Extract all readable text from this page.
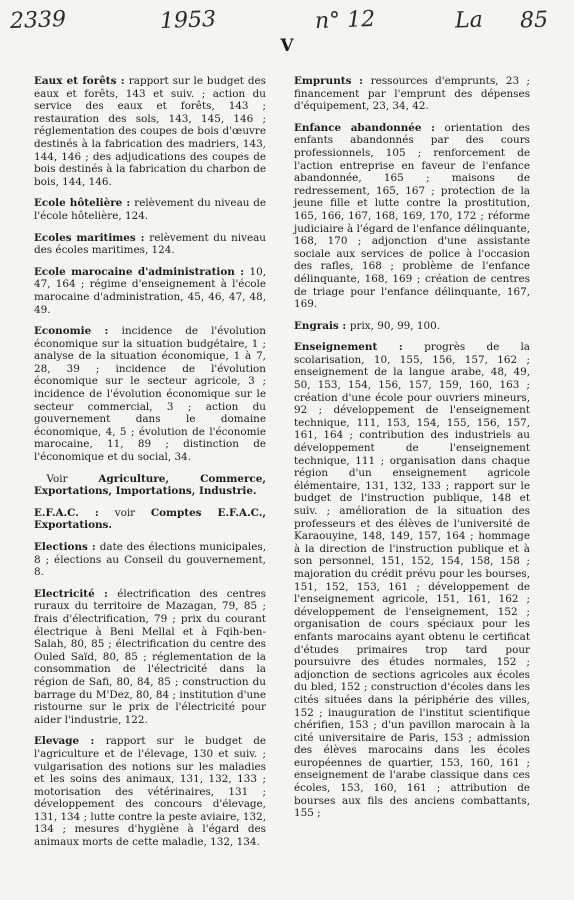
2339	1953	n° 12	La 85
V

Eaux et forêts : rapport sur le budget des eaux et forêts, 143 et suiv. ; action du service des eaux et forêts, 143 ; restauration des sols, 143, 145, 146 ; réglementation des coupes de bois d'œuvre destinés à la fabrication des madriers, 143, 144, 146 ; des adjudications des coupes de bois destinés à la fabrication du charbon de bois, 144, 146.

Ecole hôtelière : relèvement du niveau de l'école hôtelière, 124.

Ecoles maritimes : relèvement du niveau des écoles maritimes, 124.

Ecole marocaine d'administration : 10, 47, 164 ; régime d'enseignement à l'école marocaine d'administration, 45, 46, 47, 48, 49.

Economie : incidence de l'évolution économique sur la situation budgétaire, 1 ; analyse de la situation économique, 1 à 7, 28, 39 ; incidence de l'évolution économique sur le secteur agricole, 3 ; incidence de l'évolution économique sur le secteur commercial, 3 ; action du gouvernement dans le domaine économique, 4, 5 ; évolution de l'économie marocaine, 11, 89 ; distinction de l'économique et du social, 34.

Voir	Agriculture, Commerce, Exportations, Importations, Industrie.

E.F.A.C. : voir Comptes E.F.A.C., Exportations.

Elections : date des élections municipales, 8 ; élections au Conseil du gouvernement, 8.

Electricité : électrification des centres ruraux du territoire de Mazagan, 79, 85 ; frais d'électrification, 79 ; prix du courant électrique à Beni Mellal et à Fqih-ben-Salah, 80, 85 ; électrification du centre des Ouled Saïd, 80, 85 ; réglementation de la consommation de l'électricité dans la région de Safi, 80, 84, 85 ; construction du barrage du M'Dez, 80, 84 ; institution d'une ristourne sur le prix de l'électricité pour aider l'industrie, 122.

Elevage : rapport sur le budget de l'agriculture et de l'élevage, 130 et suiv. ; vulgarisation des notions sur les maladies et les soins des animaux, 131, 132, 133 ; motorisation des vétérinaires, 131 ; développement des concours d'élevage, 131, 134 ; lutte contre la peste aviaire, 132, 134 ; mesures d'hygiène à l'égard des animaux morts de cette maladie, 132, 134.

Emprunts : ressources d'emprunts, 23 ; financement par l'emprunt des dépenses d'équipement, 23, 34, 42.

Enfance abandonnée : orientation des enfants abandonnés par des cours professionnels, 105 ; renforcement de l'action entreprise en faveur de l'enfance abandonnée, 165 ; maisons de redressement, 165, 167 ; protection de la jeune fille et lutte contre la prostitution, 165, 166, 167, 168, 169, 170, 172 ; réforme judiciaire à l'égard de l'enfance délinquante, 168, 170 ; adjonction d'une assistante sociale aux services de police à l'occasion des rafles, 168 ; problème de l'enfance délinquante, 168, 169 ; création de centres de triage pour l'enfance délinquante, 167, 169.

Engrais : prix, 90, 99, 100.

Enseignement : progrès de la scolarisation, 10, 155, 156, 157, 162 ; enseignement de la langue arabe, 48, 49, 50, 153, 154, 156, 157, 159, 160, 163 ; création d'une école pour ouvriers mineurs, 92 ; développement de l'enseignement technique, 111, 153, 154, 155, 156, 157, 161, 164 ; contribution des industriels au développement de l'enseignement technique, 111 ; organisation dans chaque région d'un enseignement agricole élémentaire, 131, 132, 133 ; rapport sur le budget de l'instruction publique, 148 et suiv. ; amélioration de la situation des professeurs et des élèves de l'université de Karaouyine, 148, 149, 157, 164 ; hommage à la direction de l'instruction publique et à son personnel, 151, 152, 154, 158, 158 ; majoration du crédit prévu pour les bourses, 151, 152, 153, 161 ; développement de l'enseignement agricole, 151, 161, 162 ; développement de l'enseignement, 152 ; organisation de cours spéciaux pour les enfants marocains ayant obtenu le certificat d'études primaires trop tard pour poursuivre des études normales, 152 ; adjonction de sections agricoles aux écoles du bled, 152 ; construction d'écoles dans les cités situées dans la périphérie des villes, 152 ; inauguration de l'institut scientifique chérifien, 153 ; d'un pavillon marocain à la cité universitaire de Paris, 153 ; admission des élèves marocains dans les écoles européennes de quartier, 153, 160, 161 ; enseignement de l'arabe classique dans ces écoles, 153, 160, 161 ; attribution de bourses aux fils des anciens combattants, 155 ;
